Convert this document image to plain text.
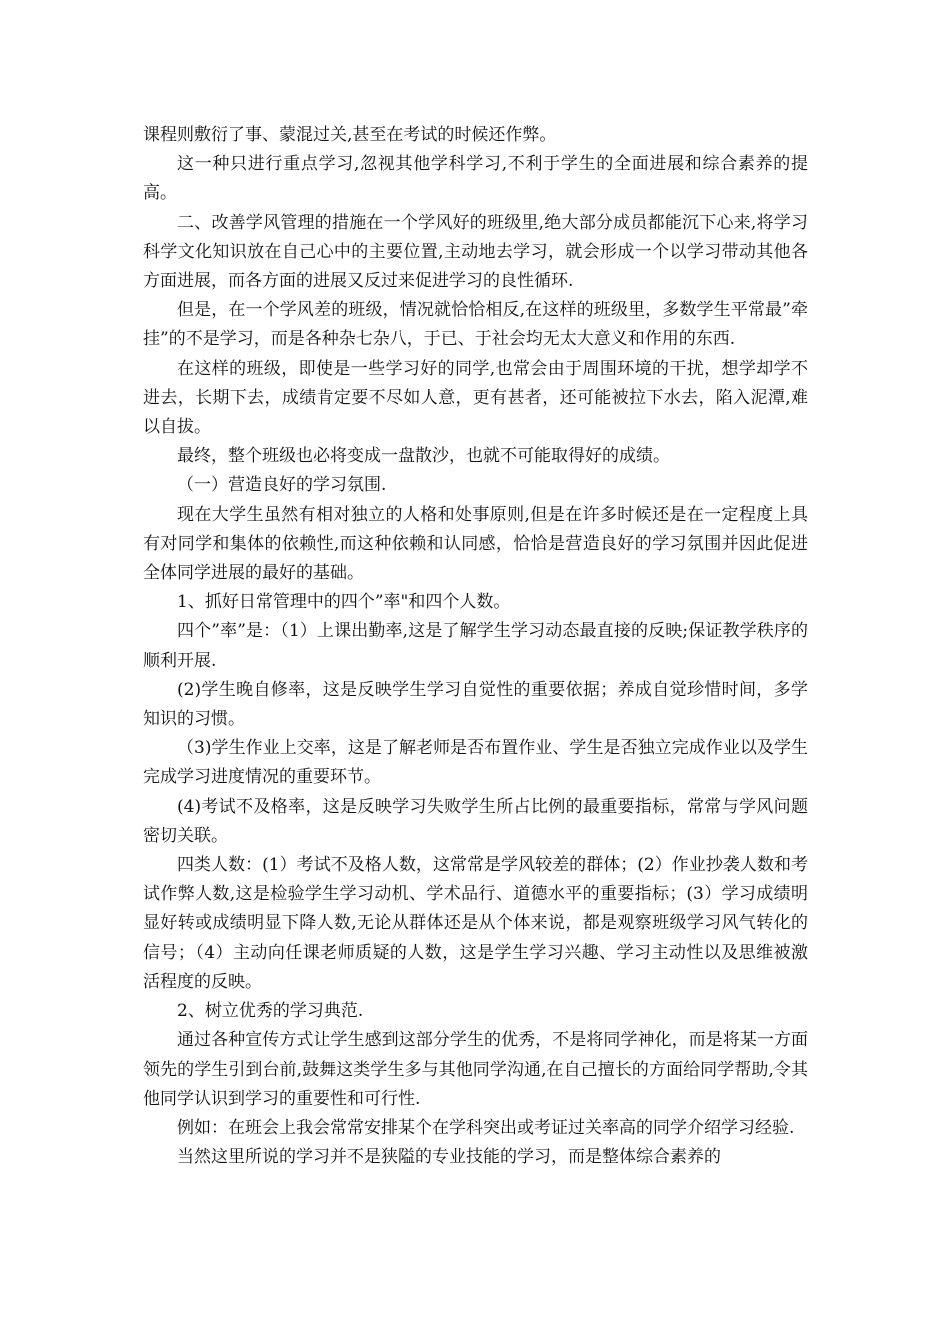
课程则敷衍了事、蒙混过关,甚至在考试的时候还作弊。

这一种只进行重点学习,忽视其他学科学习,不利于学生的全面进展和综合素养的提高。

二、改善学风管理的措施在一个学风好的班级里,绝大部分成员都能沉下心来,将学习科学文化知识放在自己心中的主要位置,主动地去学习，就会形成一个以学习带动其他各方面进展，而各方面的进展又反过来促进学习的良性循环.

但是，在一个学风差的班级，情况就恰恰相反,在这样的班级里，多数学生平常最”牵挂”的不是学习，而是各种杂七杂八，于已、于社会均无太大意义和作用的东西.

在这样的班级，即使是一些学习好的同学,也常会由于周围环境的干扰，想学却学不进去，长期下去，成绩肯定要不尽如人意，更有甚者，还可能被拉下水去，陷入泥潭,难以自拔。

最终，整个班级也必将变成一盘散沙，也就不可能取得好的成绩。

（一）营造良好的学习氛围.

现在大学生虽然有相对独立的人格和处事原则,但是在许多时候还是在一定程度上具有对同学和集体的依赖性,而这种依赖和认同感，恰恰是营造良好的学习氛围并因此促进全体同学进展的最好的基础。

1、抓好日常管理中的四个”率"和四个人数。

四个”率”是：（1）上课出勤率,这是了解学生学习动态最直接的反映;保证教学秩序的顺利开展.

(2)学生晚自修率，这是反映学生学习自觉性的重要依据；养成自觉珍惜时间，多学知识的习惯。

（3)学生作业上交率，这是了解老师是否布置作业、学生是否独立完成作业以及学生完成学习进度情况的重要环节。

(4)考试不及格率，这是反映学习失败学生所占比例的最重要指标，常常与学风问题密切关联。

四类人数：(1）考试不及格人数，这常常是学风较差的群体；(2）作业抄袭人数和考试作弊人数,这是检验学生学习动机、学术品行、道德水平的重要指标；(3）学习成绩明显好转或成绩明显下降人数,无论从群体还是从个体来说，都是观察班级学习风气转化的信号；（4）主动向任课老师质疑的人数，这是学生学习兴趣、学习主动性以及思维被激活程度的反映。

2、树立优秀的学习典范.

通过各种宣传方式让学生感到这部分学生的优秀，不是将同学神化，而是将某一方面领先的学生引到台前,鼓舞这类学生多与其他同学沟通,在自己擅长的方面给同学帮助,令其他同学认识到学习的重要性和可行性.

例如：在班会上我会常常安排某个在学科突出或考证过关率高的同学介绍学习经验.

当然这里所说的学习并不是狭隘的专业技能的学习，而是整体综合素养的
